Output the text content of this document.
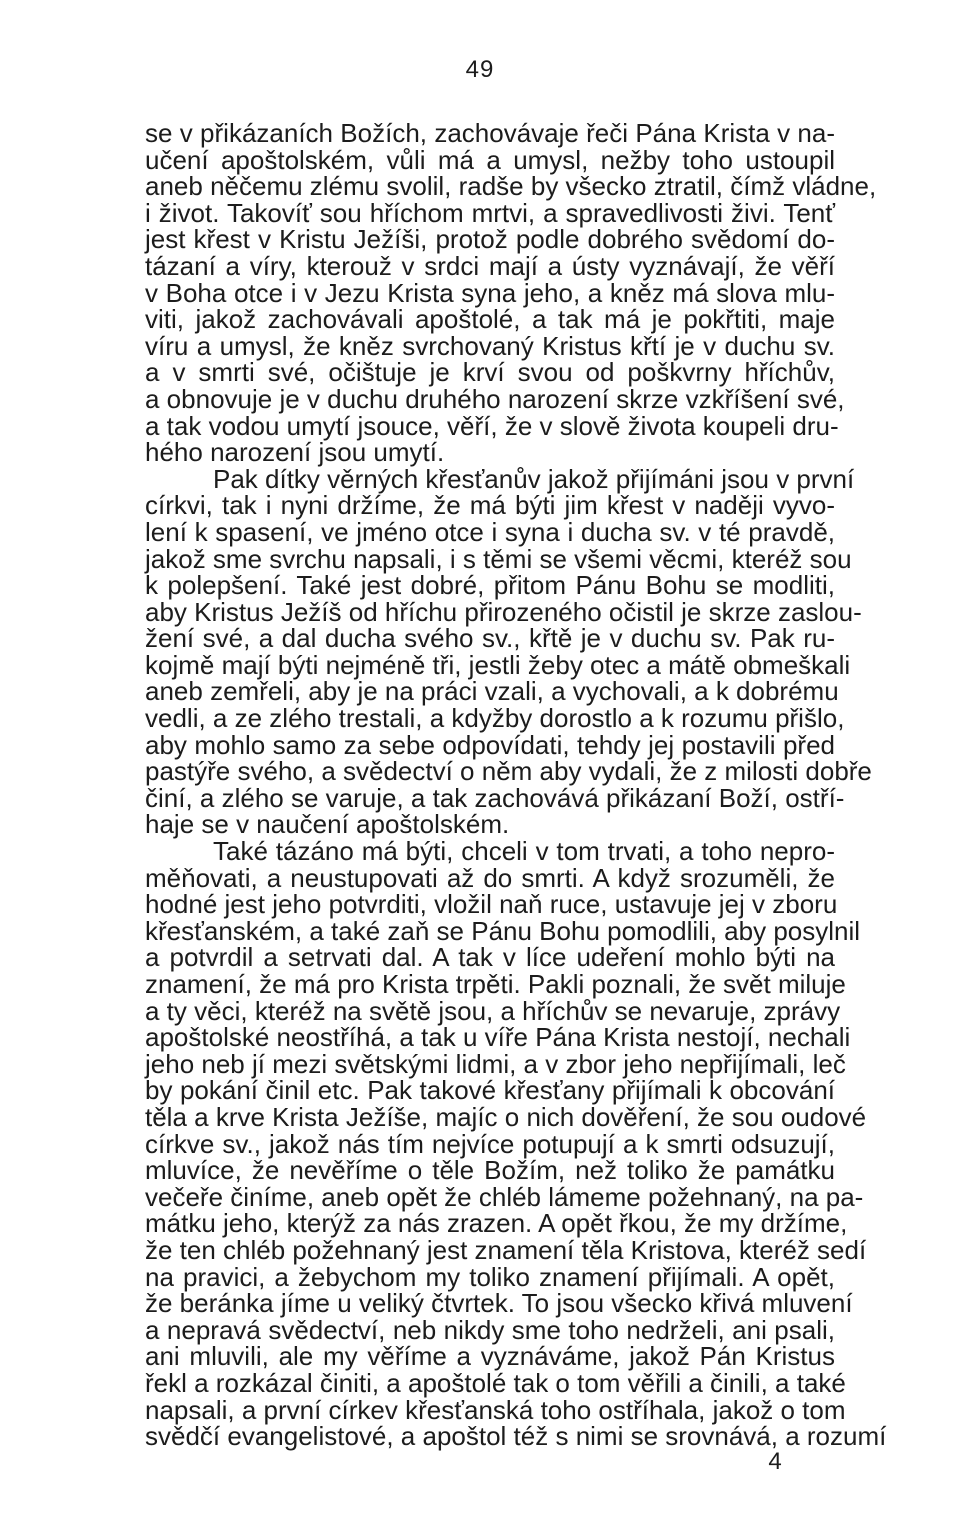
49
se v přikázaních Božích, zachovávaje řeči Pána Krista v na-
učení apoštolském, vůli má a umysl, nežby toho ustoupil
aneb něčemu zlému svolil, radše by všecko ztratil, čímž vládne,
i život. Takovíť sou hříchom mrtvi, a spravedlivosti živi. Tenť
jest křest v Kristu Ježíši, protož podle dobrého svědomí do-
tázaní a víry, kterouž v srdci mají a ústy vyznávají, že věří
v Boha otce i v Jezu Krista syna jeho, a kněz má slova mlu-
viti, jakož zachovávali apoštolé, a tak má je pokřtiti, maje
víru a umysl, že kněz svrchovaný Kristus křtí je v duchu sv.
a v smrti své, očištuje je krví svou od poškvrny hříchův,
a obnovuje je v duchu druhého narození skrze vzkříšení své,
a tak vodou umytí jsouce, věří, že v slově života koupeli dru-
hého narození jsou umytí.
Pak dítky věrných křesťanův jakož přijímáni jsou v první
církvi, tak i nyni držíme, že má býti jim křest v naději vyvo-
lení k spasení, ve jméno otce i syna i ducha sv. v té pravdě,
jakož sme svrchu napsali, i s těmi se všemi věcmi, kteréž sou
k polepšení. Také jest dobré, přitom Pánu Bohu se modliti,
aby Kristus Ježíš od hříchu přirozeného očistil je skrze zaslou-
žení své, a dal ducha svého sv., křtě je v duchu sv. Pak ru-
kojmě mají býti nejméně tři, jestli žeby otec a mátě obmeškali
aneb zemřeli, aby je na práci vzali, a vychovali, a k dobrému
vedli, a ze zlého trestali, a kdyžby dorostlo a k rozumu přišlo,
aby mohlo samo za sebe odpovídati, tehdy jej postavili před
pastýře svého, a svědectví o něm aby vydali, že z milosti dobře
činí, a zlého se varuje, a tak zachovává přikázaní Boží, ostří-
haje se v naučení apoštolském.
Také tázáno má býti, chceli v tom trvati, a toho nepro-
měňovati, a neustupovati až do smrti. A když srozuměli, že
hodné jest jeho potvrditi, vložil naň ruce, ustavuje jej v zboru
křesťanském, a také zaň se Pánu Bohu pomodlili, aby posylnil
a potvrdil a setrvati dal. A tak v líce udeření mohlo býti na
znamení, že má pro Krista trpěti. Pakli poznali, že svět miluje
a ty věci, kteréž na světě jsou, a hříchův se nevaruje, zprávy
apoštolské neostříhá, a tak u víře Pána Krista nestojí, nechali
jeho neb jí mezi světskými lidmi, a v zbor jeho nepřijímali, leč
by pokání činil etc. Pak takové křesťany přijímali k obcování
těla a krve Krista Ježíše, majíc o nich dověření, že sou oudové
církve sv., jakož nás tím nejvíce potupují a k smrti odsuzují,
mluvíce, že nevěříme o těle Božím, než toliko že památku
večeře činíme, aneb opět že chléb lámeme požehnaný, na pa-
mátku jeho, kterýž za nás zrazen. A opět řkou, že my držíme,
že ten chléb požehnaný jest znamení těla Kristova, kteréž sedí
na pravici, a žebychom my toliko znamení přijímali. A opět,
že beránka jíme u veliký čtvrtek. To jsou všecko křivá mluvení
a nepravá svědectví, neb nikdy sme toho nedrželi, ani psali,
ani mluvili, ale my věříme a vyznáváme, jakož Pán Kristus
řekl a rozkázal činiti, a apoštolé tak o tom věřili a činili, a také
napsali, a první církev křesťanská toho ostříhala, jakož o tom
svědčí evangelistové, a apoštol též s nimi se srovnává, a rozumí
4
